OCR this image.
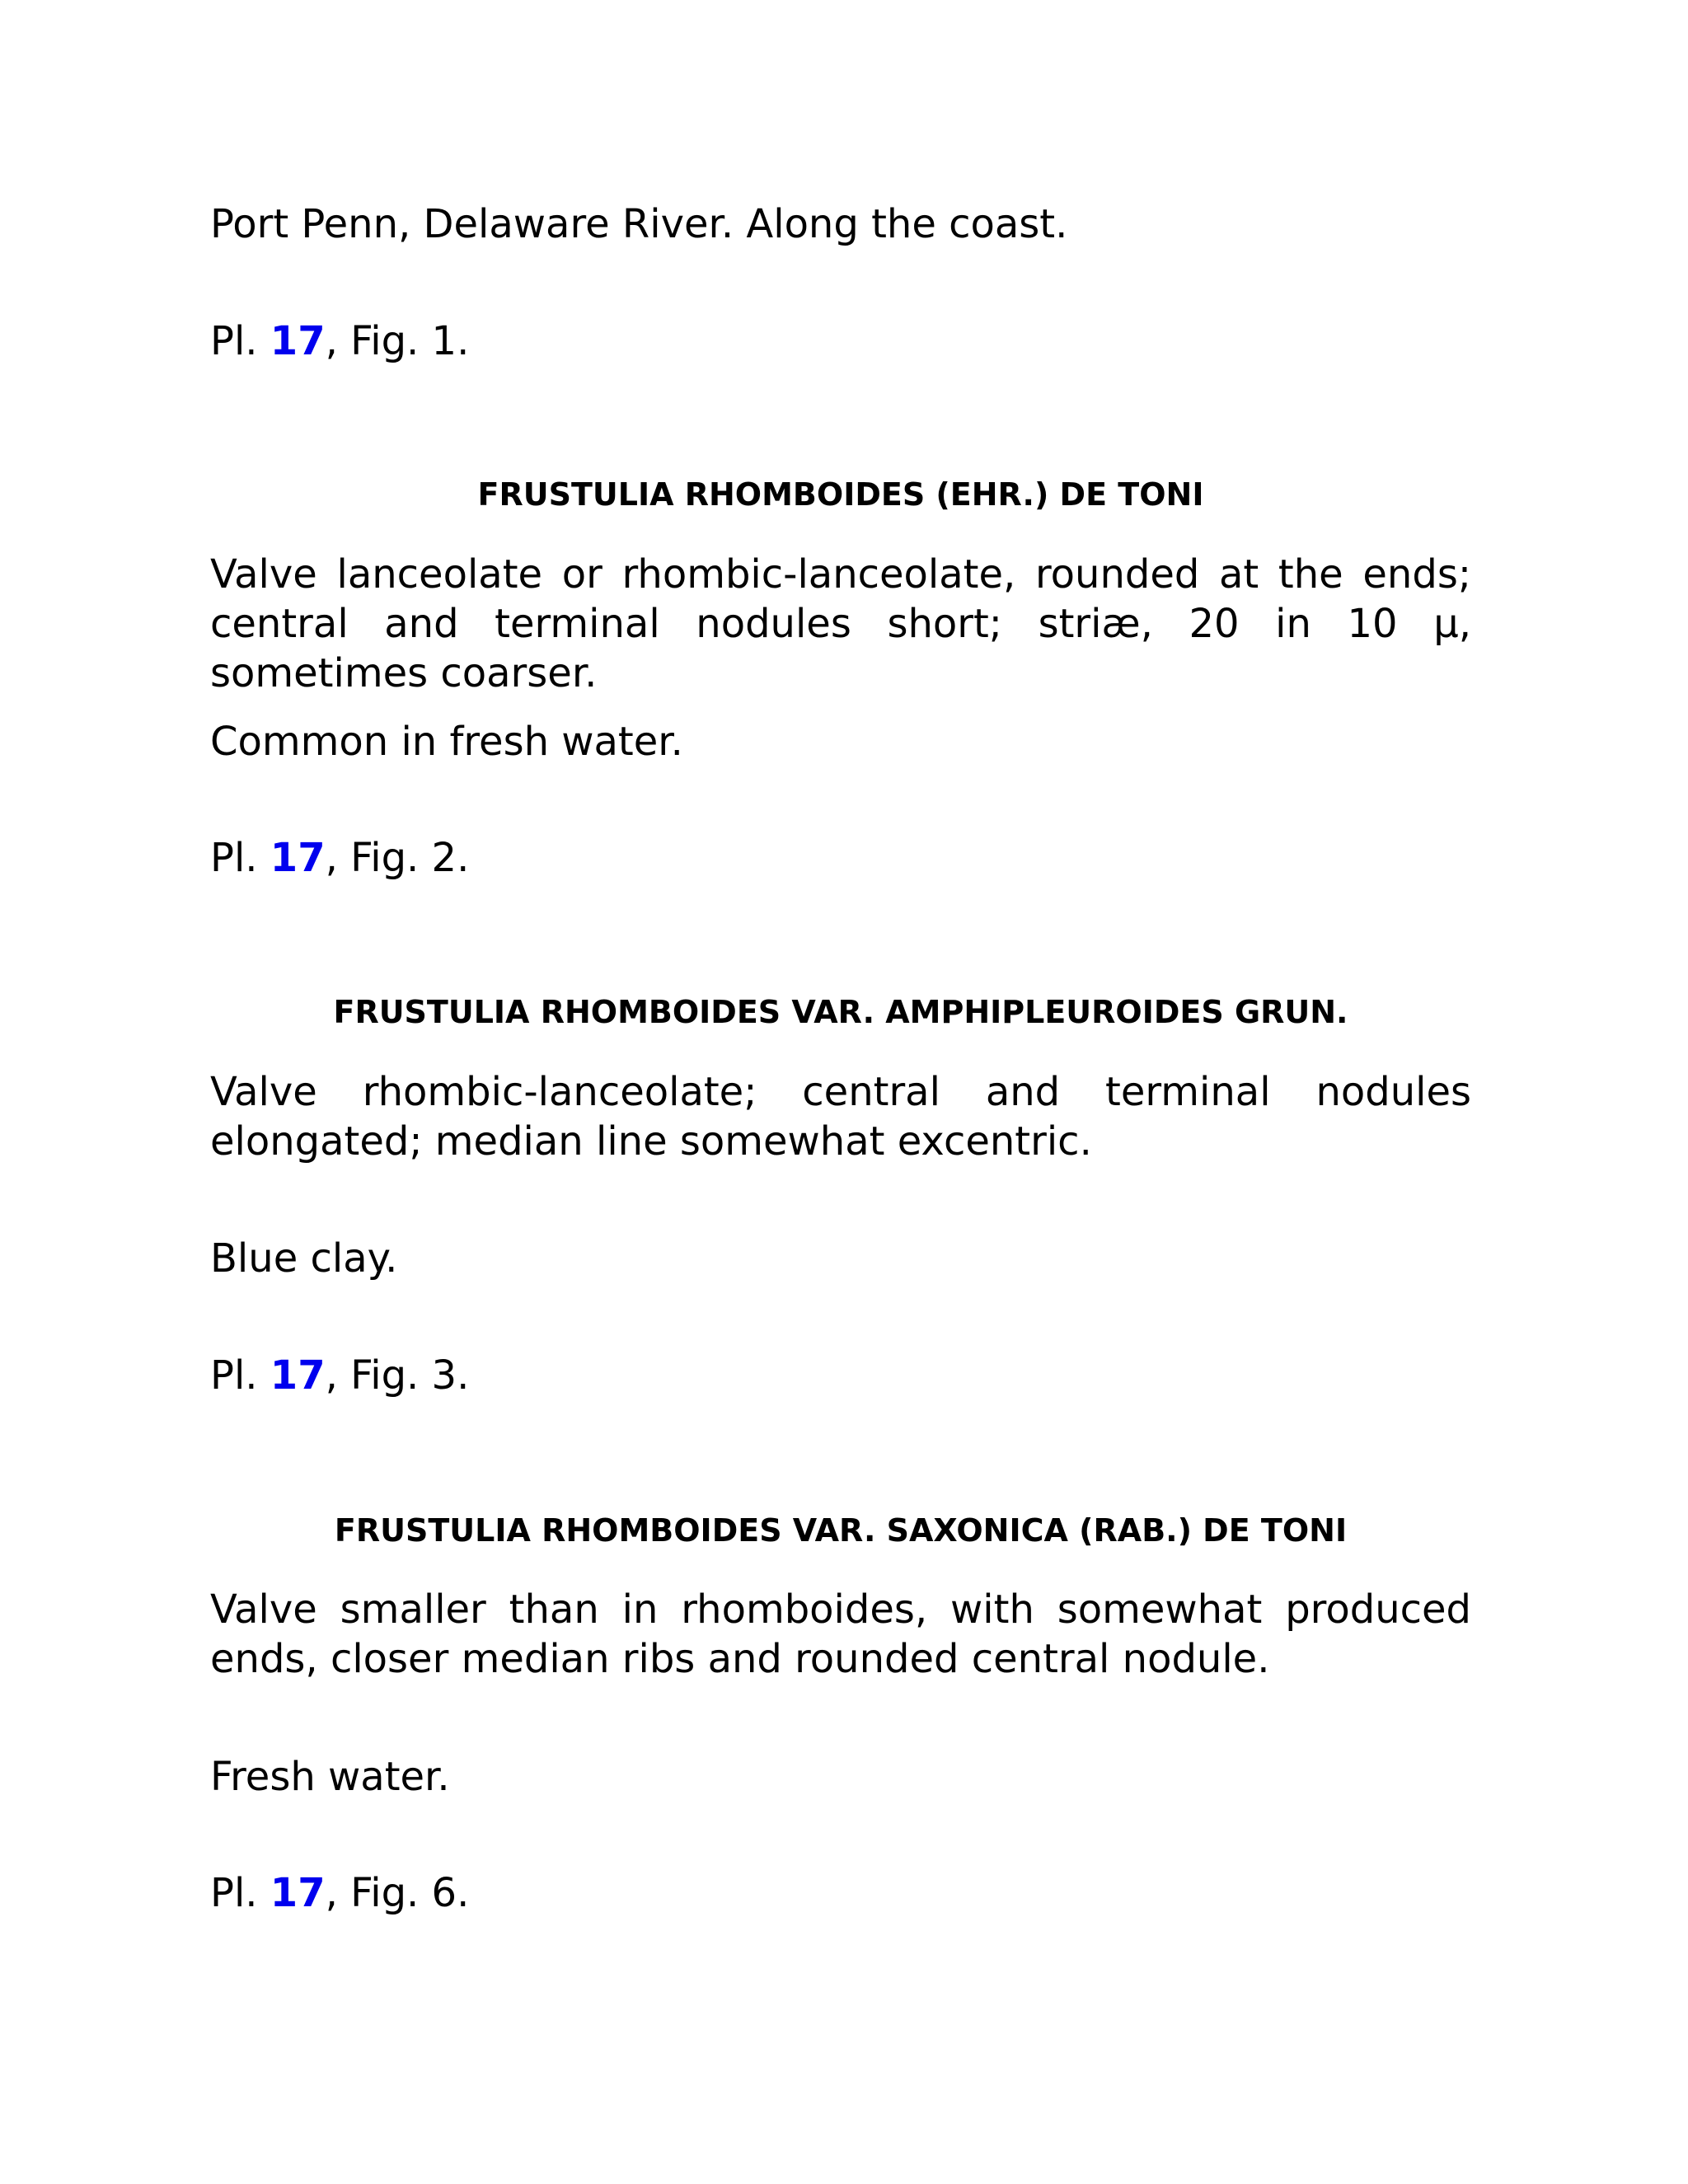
Port Penn, Delaware River. Along the coast.

Pl. 17, Fig. 1.

FRUSTULIA RHOMBOIDES (EHR.) DE TONI

Valve lanceolate or rhombic-lanceolate, rounded at the ends; central and terminal nodules short; striæ, 20 in 10 μ, sometimes coarser.

Common in fresh water.

Pl. 17, Fig. 2.

FRUSTULIA RHOMBOIDES VAR. AMPHIPLEUROIDES GRUN.

Valve rhombic-lanceolate; central and terminal nodules elongated; median line somewhat excentric.

Blue clay.

Pl. 17, Fig. 3.

FRUSTULIA RHOMBOIDES VAR. SAXONICA (RAB.) DE TONI

Valve smaller than in rhomboides, with somewhat produced ends, closer median ribs and rounded central nodule.

Fresh water.

Pl. 17, Fig. 6.
